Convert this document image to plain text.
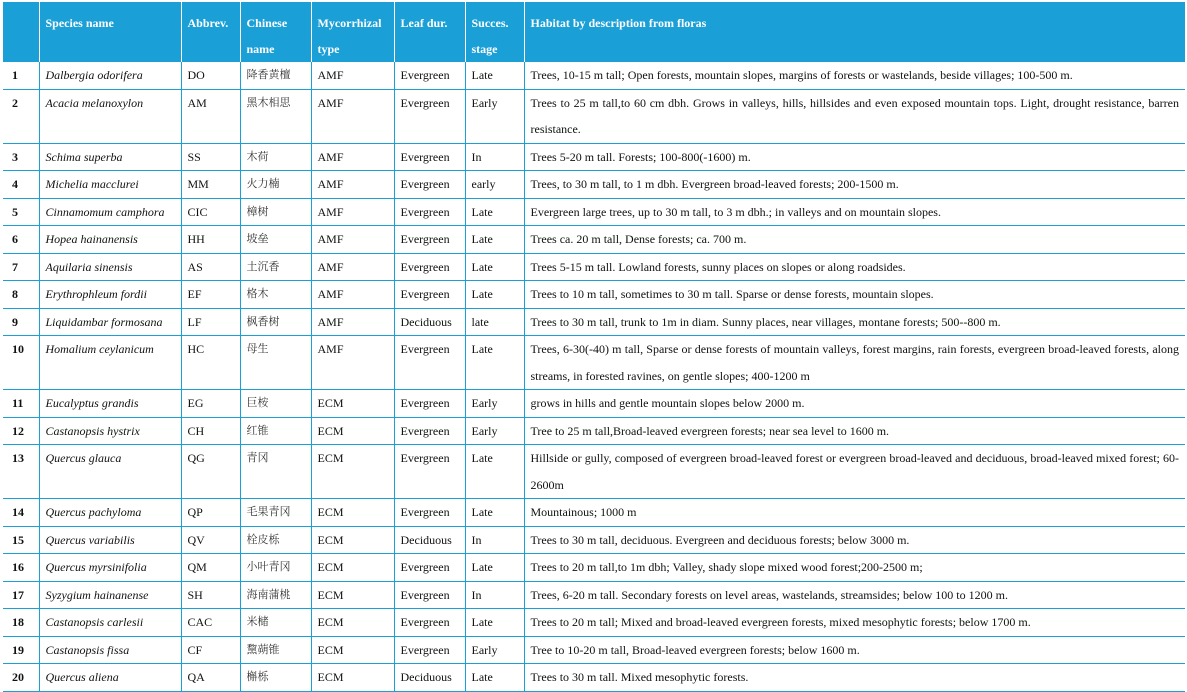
	Species name	Abbrev.	Chinese name	Mycorrhizal type	Leaf dur.	Succes. stage	Habitat by description from floras
1	Dalbergia odorifera	DO	降香黄檀	AMF	Evergreen	Late	Trees, 10-15 m tall; Open forests, mountain slopes, margins of forests or wastelands, beside villages; 100-500 m.
2	Acacia melanoxylon	AM	黑木相思	AMF	Evergreen	Early	Trees to 25 m tall,to 60 cm dbh. Grows in valleys, hills, hillsides and even exposed mountain tops. Light, drought resistance, barren resistance.
3	Schima superba	SS	木荷	AMF	Evergreen	In	Trees 5-20 m tall. Forests; 100-800(-1600) m.
4	Michelia macclurei	MM	火力楠	AMF	Evergreen	early	Trees, to 30 m tall, to 1 m dbh. Evergreen broad-leaved forests; 200-1500 m.
5	Cinnamomum camphora	CIC	樟树	AMF	Evergreen	Late	Evergreen large trees, up to 30 m tall, to 3 m dbh.; in valleys and on mountain slopes.
6	Hopea hainanensis	HH	坡垒	AMF	Evergreen	Late	Trees ca. 20 m tall, Dense forests; ca. 700 m.
7	Aquilaria sinensis	AS	土沉香	AMF	Evergreen	Late	Trees 5-15 m tall. Lowland forests, sunny places on slopes or along roadsides.
8	Erythrophleum fordii	EF	格木	AMF	Evergreen	Late	Trees to 10 m tall, sometimes to 30 m tall. Sparse or dense forests, mountain slopes.
9	Liquidambar formosana	LF	枫香树	AMF	Deciduous	late	Trees to 30 m tall, trunk to 1m in diam. Sunny places, near villages, montane forests; 500--800 m.
10	Homalium ceylanicum	HC	母生	AMF	Evergreen	Late	Trees, 6-30(-40) m tall, Sparse or dense forests of mountain valleys, forest margins, rain forests, evergreen broad-leaved forests, along streams, in forested ravines, on gentle slopes; 400-1200 m
11	Eucalyptus grandis	EG	巨桉	ECM	Evergreen	Early	grows in hills and gentle mountain slopes below 2000 m.
12	Castanopsis hystrix	CH	红锥	ECM	Evergreen	Early	Tree to 25 m tall,Broad-leaved evergreen forests; near sea level to 1600 m.
13	Quercus glauca	QG	青冈	ECM	Evergreen	Late	Hillside or gully, composed of evergreen broad-leaved forest or evergreen broad-leaved and deciduous, broad-leaved mixed forest; 60-2600m
14	Quercus pachyloma	QP	毛果青冈	ECM	Evergreen	Late	Mountainous; 1000 m
15	Quercus variabilis	QV	栓皮栎	ECM	Deciduous	In	Trees to 30 m tall, deciduous. Evergreen and deciduous forests; below 3000 m.
16	Quercus myrsinifolia	QM	小叶青冈	ECM	Evergreen	Late	Trees to 20 m tall,to 1m dbh; Valley, shady slope mixed wood forest;200-2500 m;
17	Syzygium hainanense	SH	海南蒲桃	ECM	Evergreen	In	Trees, 6-20 m tall. Secondary forests on level areas, wastelands, streamsides; below 100 to 1200 m.
18	Castanopsis carlesii	CAC	米槠	ECM	Evergreen	Late	Trees to 20 m tall; Mixed and broad-leaved evergreen forests, mixed mesophytic forests; below 1700 m.
19	Castanopsis fissa	CF	黧蒴锥	ECM	Evergreen	Early	Tree to 10-20 m tall, Broad-leaved evergreen forests; below 1600 m.
20	Quercus aliena	QA	槲栎	ECM	Deciduous	Late	Trees to 30 m tall. Mixed mesophytic forests.
